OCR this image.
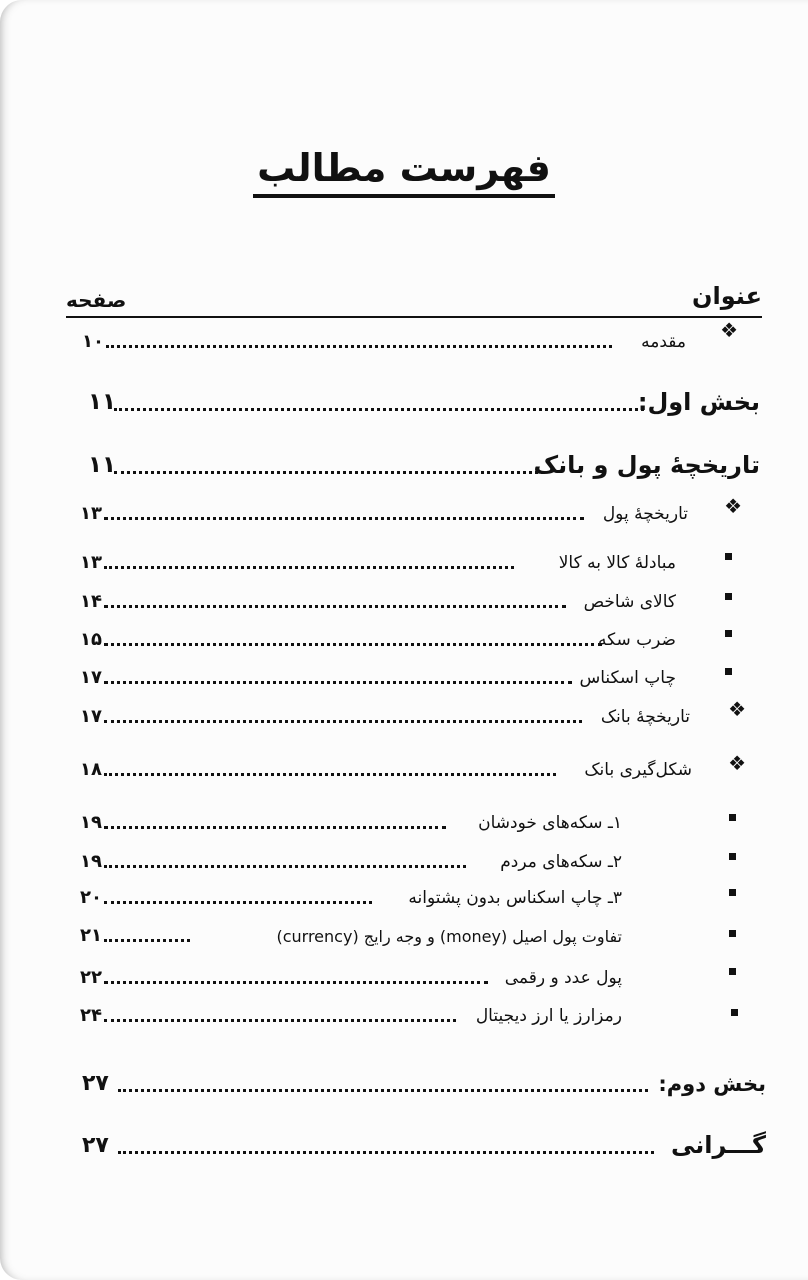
فهرست مطالب
عنوان
صفحه
❖
مقدمه
۱۰
بخش اول:
۱۱
تاریخچۀ پول و بانک
۱۱
❖
تاریخچۀ پول
۱۳
مبادلۀ کالا به کالا
۱۳
کالای شاخص
۱۴
ضرب سکه
۱۵
چاپ اسکناس
۱۷
❖
تاریخچۀ بانک
۱۷
❖
شکل‌گیری بانک
۱۸
۱ـ سکه‌های خودشان
۱۹
۲ـ سکه‌های مردم
۱۹
۳ـ چاپ اسکناس بدون پشتوانه
۲۰
تفاوت پول اصیل (money) و وجه رایج (currency)
۲۱
پول عدد و رقمی
۲۲
رمزارز یا ارز دیجیتال
۲۴
بخش دوم:
۲۷
گـــرانی
۲۷
